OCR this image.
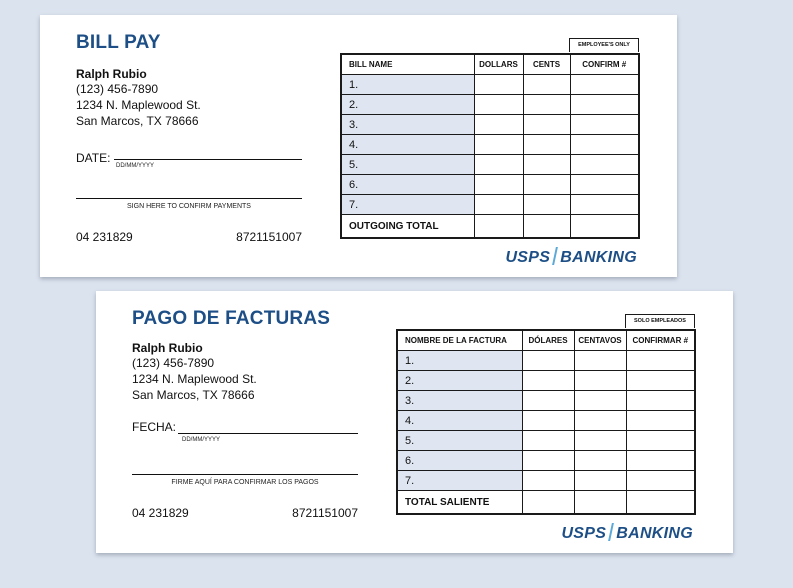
BILL PAY
Ralph Rubio
(123) 456-7890
1234 N. Maplewood St.
San Marcos, TX 78666
DATE:
DD/MM/YYYY
SIGN HERE TO CONFIRM PAYMENTS
04 231829	8721151007
EMPLOYEE'S ONLY
BILL NAME	DOLLARS	CENTS	CONFIRM #
1.			
2.			
3.			
4.			
5.			
6.			
7.			
OUTGOING TOTAL			
USPS BANKING
PAGO DE FACTURAS
Ralph Rubio
(123) 456-7890
1234 N. Maplewood St.
San Marcos, TX 78666
FECHA:
DD/MM/YYYY
FIRME AQUÍ PARA CONFIRMAR LOS PAGOS
04 231829	8721151007
SOLO EMPLEADOS
NOMBRE DE LA FACTURA	DÓLARES	CENTAVOS	CONFIRMAR #
1.			
2.			
3.			
4.			
5.			
6.			
7.			
TOTAL SALIENTE			
USPS BANKING
